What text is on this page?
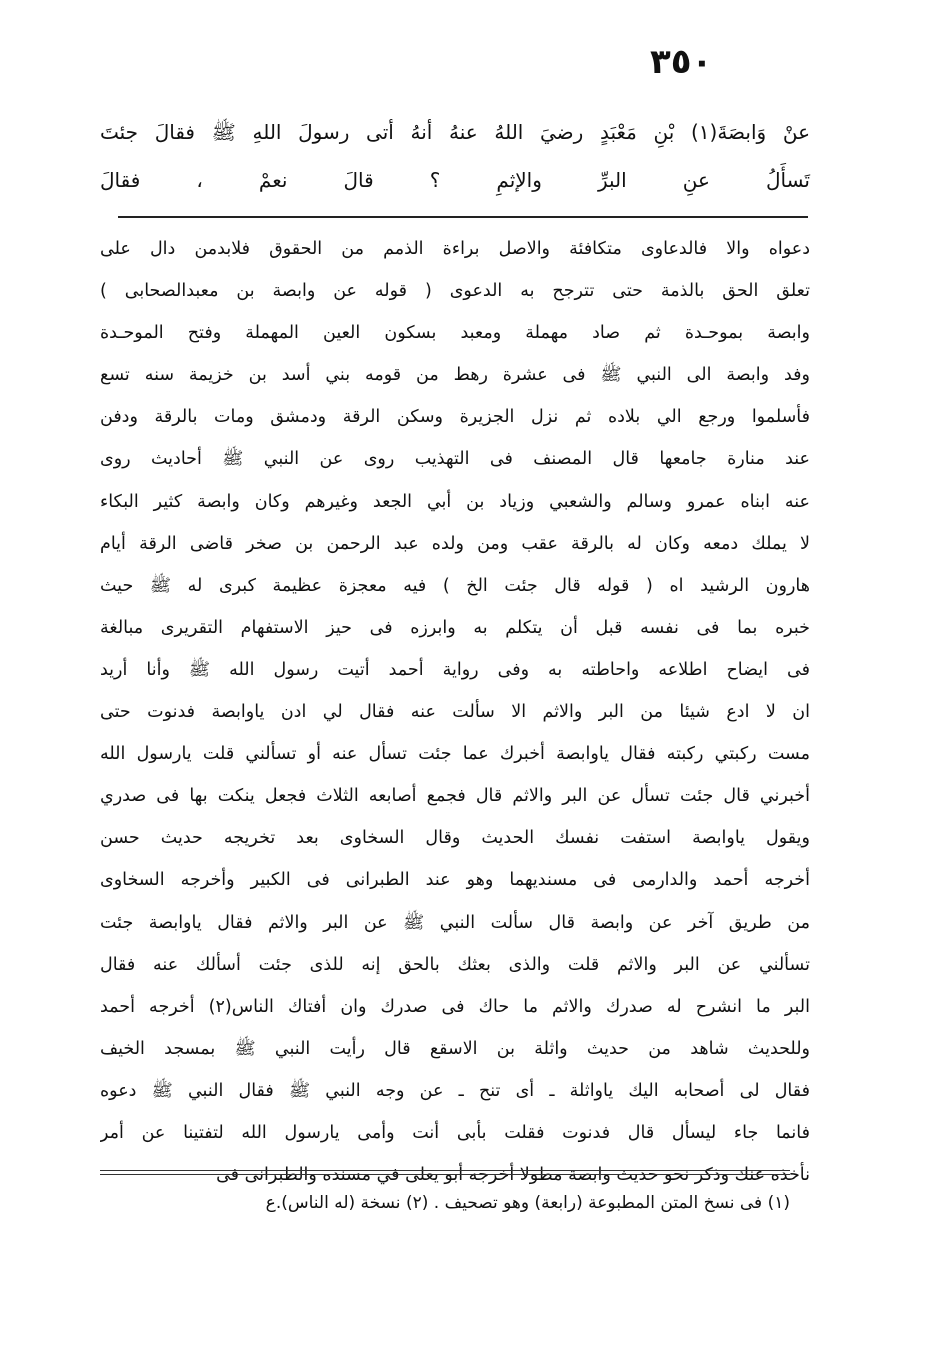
٣٥٠
عنْ وَابصَةَ(١) بْنِ مَعْبَدٍ رضيَ اللهُ عنهُ أنهُ أتى رسولَ اللهِ ﷺ فقالَ جئتَ
تَسأَلُ عنِ البرِّ والإثمِ ؟ قالَ نعمْ ، فقالَ
دعواه والا فالدعاوى متكافئة والاصل براءة الذمم من الحقوق فلابدمن دال على
تعلق الحق بالذمة حتى تترجح به الدعوى ( قوله عن وابصة بن معبدالصحابى )
وابصة بموحـدة ثم صاد مهملة ومعبد بسكون العين المهملة وفتح الموحـدة
وفد وابصة الى النبي ﷺ فى عشرة رهط من قومه بني أسد بن خزيمة سنه تسع
فأسلموا ورجع الي بلاده ثم نزل الجزيرة وسكن الرقة ودمشق ومات بالرقة ودفن
عند منارة جامعها قال المصنف فى التهذيب روى عن النبي ﷺ أحاديث روى
عنه ابناه عمرو وسالم والشعبي وزياد بن أبي الجعد وغيرهم وكان وابصة كثير البكاء
لا يملك دمعه وكان له بالرقة عقب ومن ولده عبد الرحمن بن صخر قاضى الرقة أيام
هارون الرشيد اه ( قوله قال جئت الخ ) فيه معجزة عظيمة كبرى له ﷺ حيث
خبره بما فى نفسه قبل أن يتكلم به وابرزه فى حيز الاستفهام التقريرى مبالغة
فى ايضاح اطلاعه واحاطته به وفى رواية أحمد أتيت رسول الله ﷺ وأنا أريد
ان لا ادع شيئا من البر والاثم الا سألت عنه فقال لي ادن ياوابصة فدنوت حتى
مست ركبتي ركبته فقال ياوابصة أخبرك عما جئت تسأل عنه أو تسألني قلت يارسول الله
أخبرني قال جئت تسأل عن البر والاثم قال فجمع أصابعه الثلاث فجعل ينكت بها فى صدري
ويقول ياوابصة استفت نفسك الحديث وقال السخاوى بعد تخريجه حديث حسن
أخرجه أحمد والدارمى فى مسنديهما وهو عند الطبرانى فى الكبير وأخرجه السخاوى
من طريق آخر عن وابصة قال سألت النبي ﷺ عن البر والاثم فقال ياوابصة جئت
تسألني عن البر والاثم قلت والذى بعثك بالحق إنه للذى جئت أسألك عنه فقال
البر ما انشرح له صدرك والاثم ما حاك فى صدرك وان أفتاك الناس(٢) أخرجه أحمد
وللحديث شاهد من حديث واثلة بن الاسقع قال رأيت النبي ﷺ بمسجد الخيف
فقال لى أصحابه اليك ياواثلة ـ أى تنح ـ عن وجه النبي ﷺ فقال النبي ﷺ دعوه
فانما جاء ليسأل قال فدنوت فقلت بأبى أنت وأمى يارسول الله لتفتينا عن أمر
نأخذه عنك وذكر نحو حديث وابصة مطولا أخرجه أبو يعلى في مسنده والطبرانى فى
(١) فى نسخ المتن المطبوعة (رابعة) وهو تصحيف . (٢) نسخة (له الناس).ع
